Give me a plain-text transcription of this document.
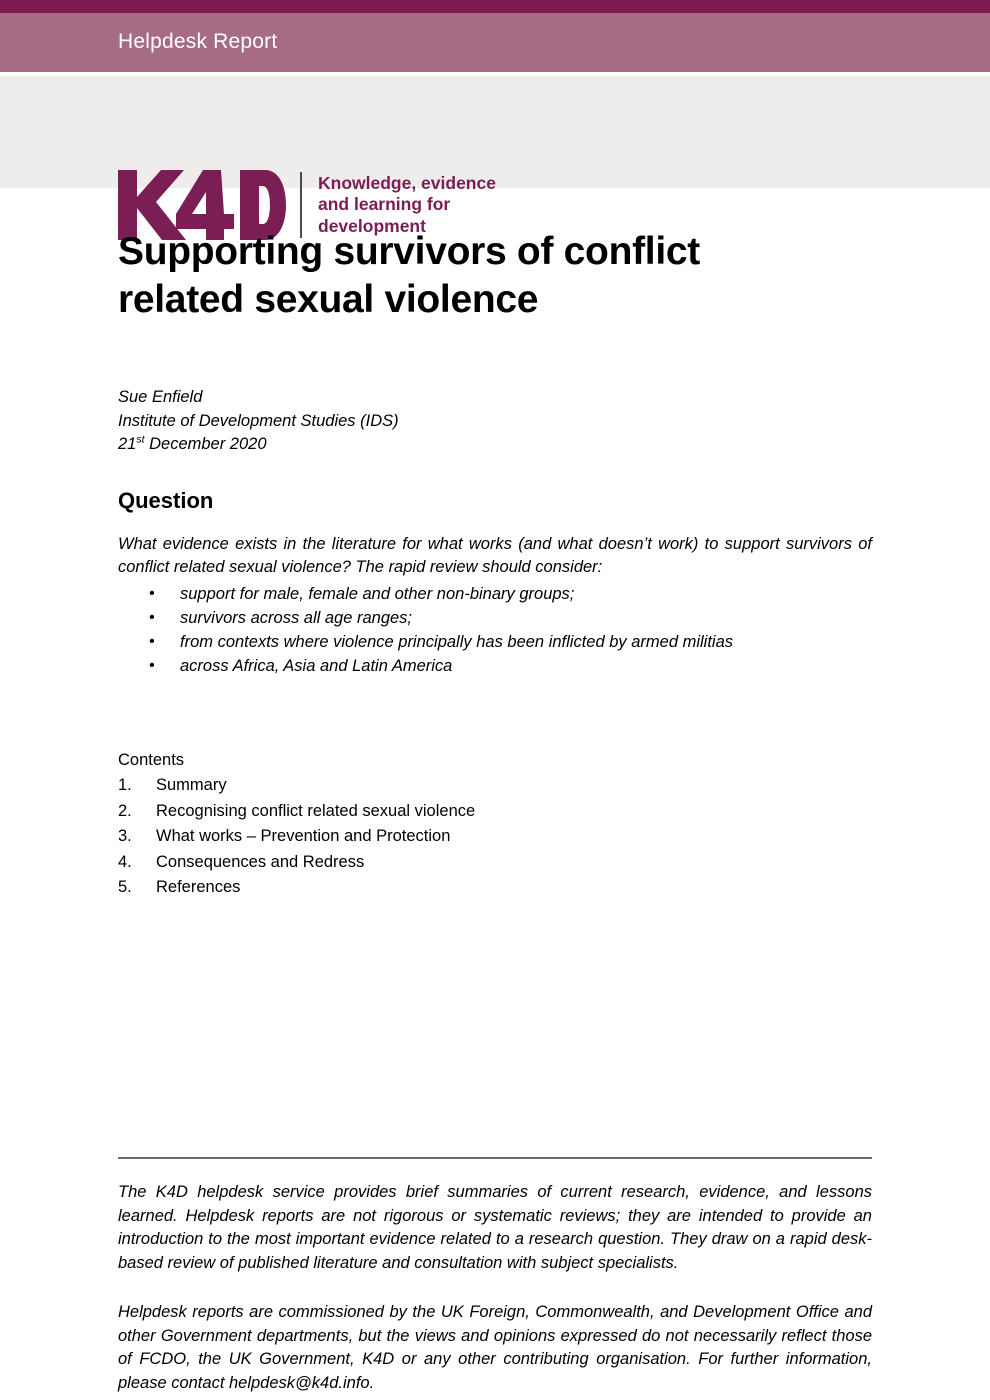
Helpdesk Report
Knowledge, evidence
and learning for
development
Supporting survivors of conflict related sexual violence
Sue Enfield
Institute of Development Studies (IDS)
21st December 2020
Question

What evidence exists in the literature for what works (and what doesn’t work) to support survivors of conflict related sexual violence? The rapid review should consider:

• support for male, female and other non-binary groups;
• survivors across all age ranges;
• from contexts where violence principally has been inflicted by armed militias
• across Africa, Asia and Latin America
Contents
1. Summary
2. Recognising conflict related sexual violence
3. What works – Prevention and Protection
4. Consequences and Redress
5. References

The K4D helpdesk service provides brief summaries of current research, evidence, and lessons learned. Helpdesk reports are not rigorous or systematic reviews; they are intended to provide an introduction to the most important evidence related to a research question. They draw on a rapid desk-based review of published literature and consultation with subject specialists.

Helpdesk reports are commissioned by the UK Foreign, Commonwealth, and Development Office and other Government departments, but the views and opinions expressed do not necessarily reflect those of FCDO, the UK Government, K4D or any other contributing organisation. For further information, please contact helpdesk@k4d.info.
